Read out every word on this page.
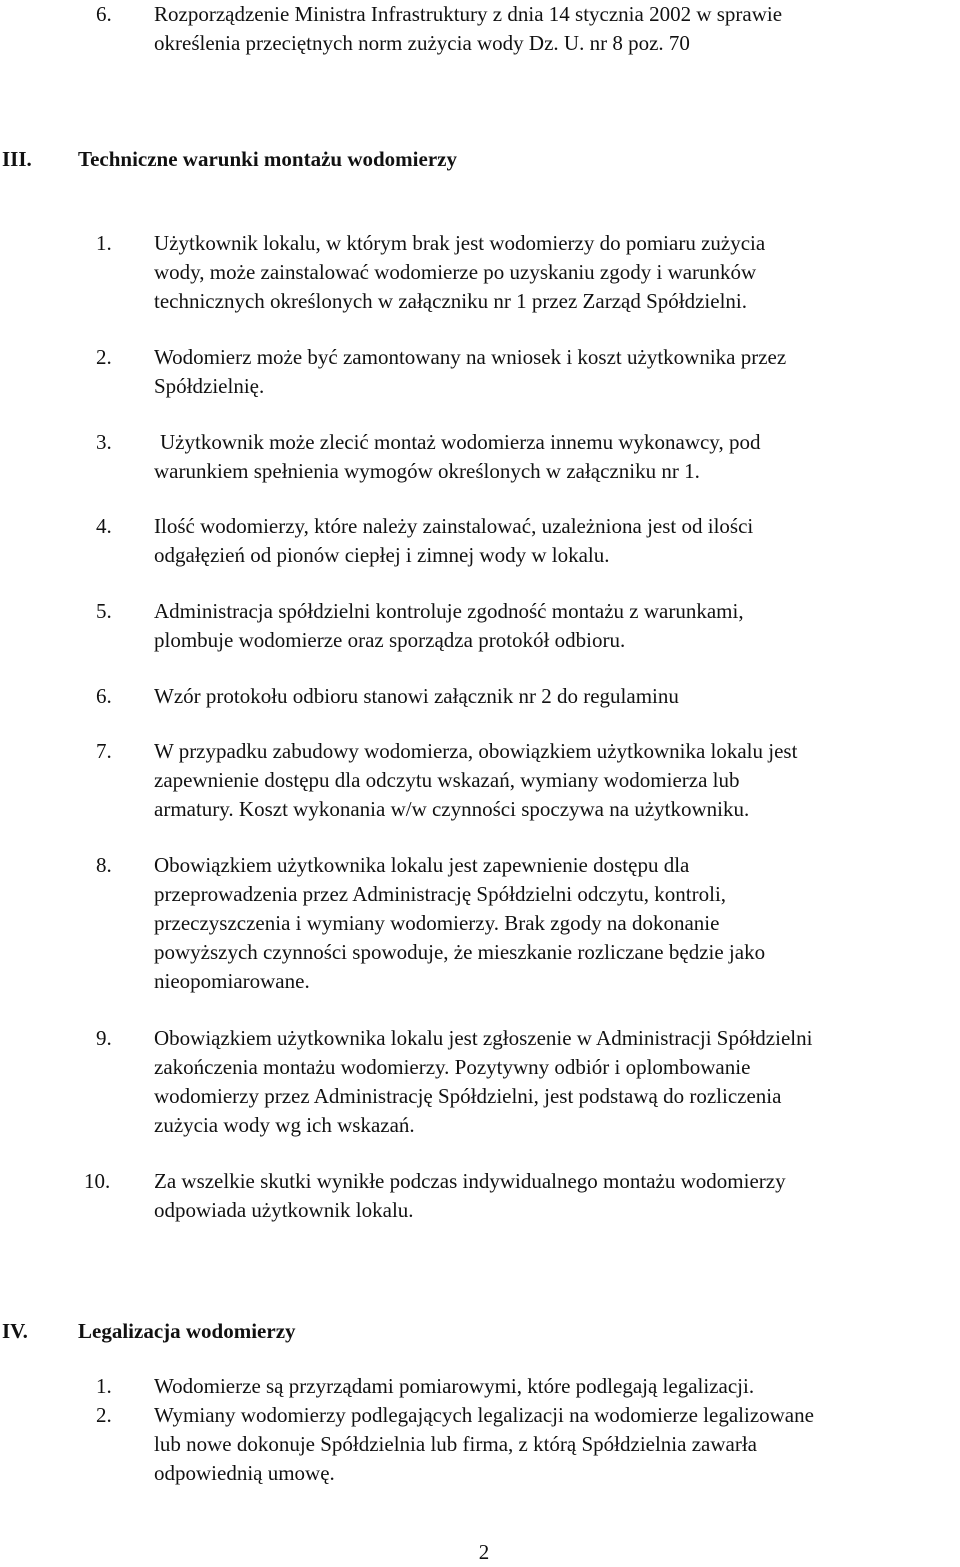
6. Rozporządzenie Ministra Infrastruktury z dnia 14 stycznia 2002 w sprawie
określenia przeciętnych norm zużycia wody Dz. U. nr 8 poz. 70
III. Techniczne warunki montażu wodomierzy
1. Użytkownik lokalu, w którym brak jest wodomierzy do pomiaru zużycia
wody, może zainstalować wodomierze po uzyskaniu zgody i warunków
technicznych określonych w załączniku nr 1 przez Zarząd Spółdzielni.
2. Wodomierz może być zamontowany na wniosek i koszt użytkownika przez
Spółdzielnię.
3. Użytkownik może zlecić montaż wodomierza innemu wykonawcy, pod
warunkiem spełnienia wymogów określonych w załączniku nr 1.
4. Ilość wodomierzy, które należy zainstalować, uzależniona jest od ilości
odgałęzień od pionów ciepłej i zimnej wody w lokalu.
5. Administracja spółdzielni kontroluje zgodność montażu z warunkami,
plombuje wodomierze oraz sporządza protokół odbioru.
6. Wzór protokołu odbioru stanowi załącznik nr 2 do regulaminu
7. W przypadku zabudowy wodomierza, obowiązkiem użytkownika lokalu jest
zapewnienie dostępu dla odczytu wskazań, wymiany wodomierza lub
armatury. Koszt wykonania w/w czynności spoczywa na użytkowniku.
8. Obowiązkiem użytkownika lokalu jest zapewnienie dostępu dla
przeprowadzenia przez Administrację Spółdzielni odczytu, kontroli,
przeczyszczenia i wymiany wodomierzy. Brak zgody na dokonanie
powyższych czynności spowoduje, że mieszkanie rozliczane będzie jako
nieopomiarowane.
9. Obowiązkiem użytkownika lokalu jest zgłoszenie w Administracji Spółdzielni
zakończenia montażu wodomierzy. Pozytywny odbiór i oplombowanie
wodomierzy przez Administrację Spółdzielni, jest podstawą do rozliczenia
zużycia wody wg ich wskazań.
10. Za wszelkie skutki wynikłe podczas indywidualnego montażu wodomierzy
odpowiada użytkownik lokalu.
IV. Legalizacja wodomierzy
1. Wodomierze są przyrządami pomiarowymi, które podlegają legalizacji.
2. Wymiany wodomierzy podlegających legalizacji na wodomierze legalizowane
lub nowe dokonuje Spółdzielnia lub firma, z którą Spółdzielnia zawarła
odpowiednią umowę.
2
